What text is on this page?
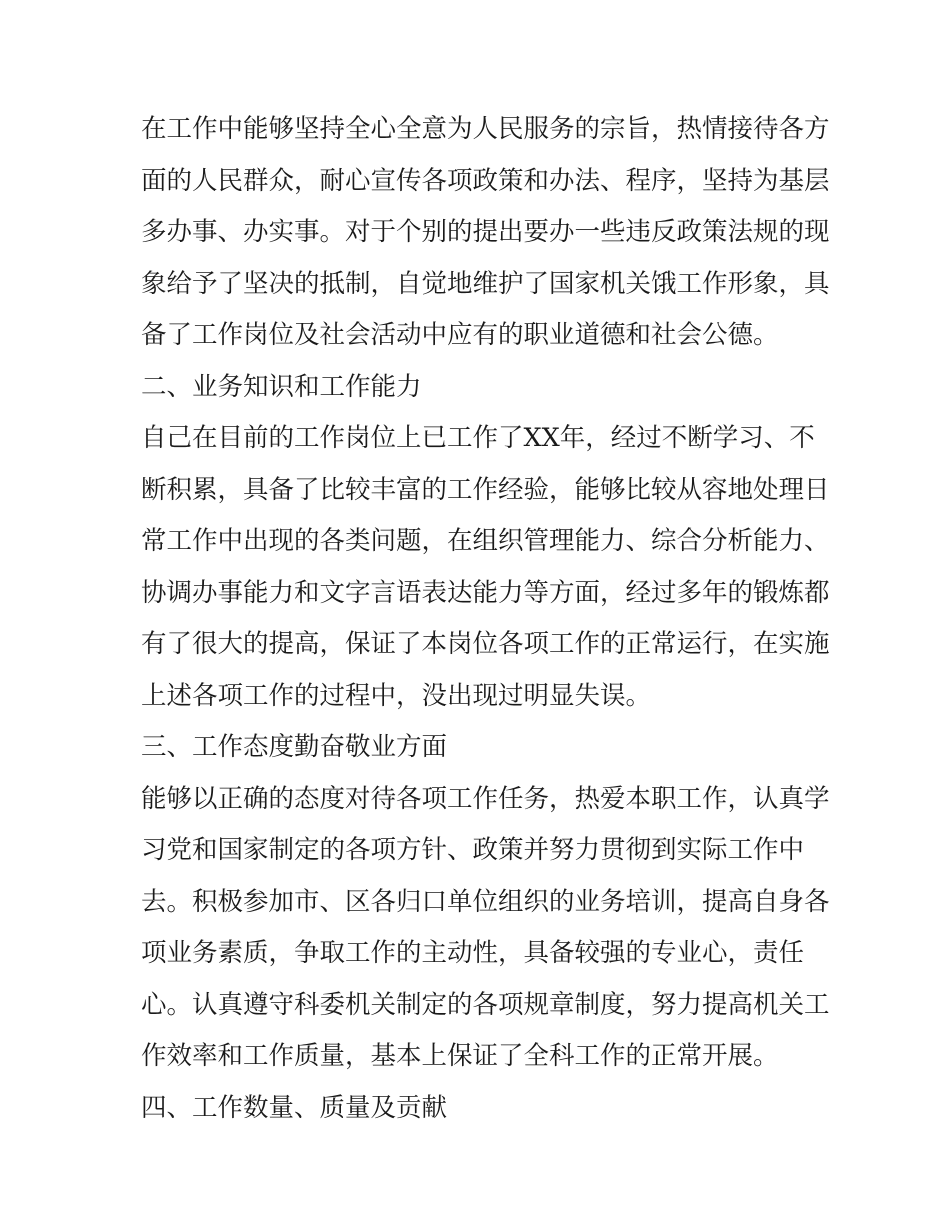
在工作中能够坚持全心全意为人民服务的宗旨，热情接待各方
面的人民群众，耐心宣传各项政策和办法、程序，坚持为基层
多办事、办实事。对于个别的提出要办一些违反政策法规的现
象给予了坚决的抵制，自觉地维护了国家机关饿工作形象，具
备了工作岗位及社会活动中应有的职业道德和社会公德。
二、业务知识和工作能力
自己在目前的工作岗位上已工作了XX年，经过不断学习、不
断积累，具备了比较丰富的工作经验，能够比较从容地处理日
常工作中出现的各类问题，在组织管理能力、综合分析能力、
协调办事能力和文字言语表达能力等方面，经过多年的锻炼都
有了很大的提高，保证了本岗位各项工作的正常运行，在实施
上述各项工作的过程中，没出现过明显失误。
三、工作态度勤奋敬业方面
能够以正确的态度对待各项工作任务，热爱本职工作，认真学
习党和国家制定的各项方针、政策并努力贯彻到实际工作中
去。积极参加市、区各归口单位组织的业务培训，提高自身各
项业务素质，争取工作的主动性，具备较强的专业心，责任
心。认真遵守科委机关制定的各项规章制度，努力提高机关工
作效率和工作质量，基本上保证了全科工作的正常开展。
四、工作数量、质量及贡献
